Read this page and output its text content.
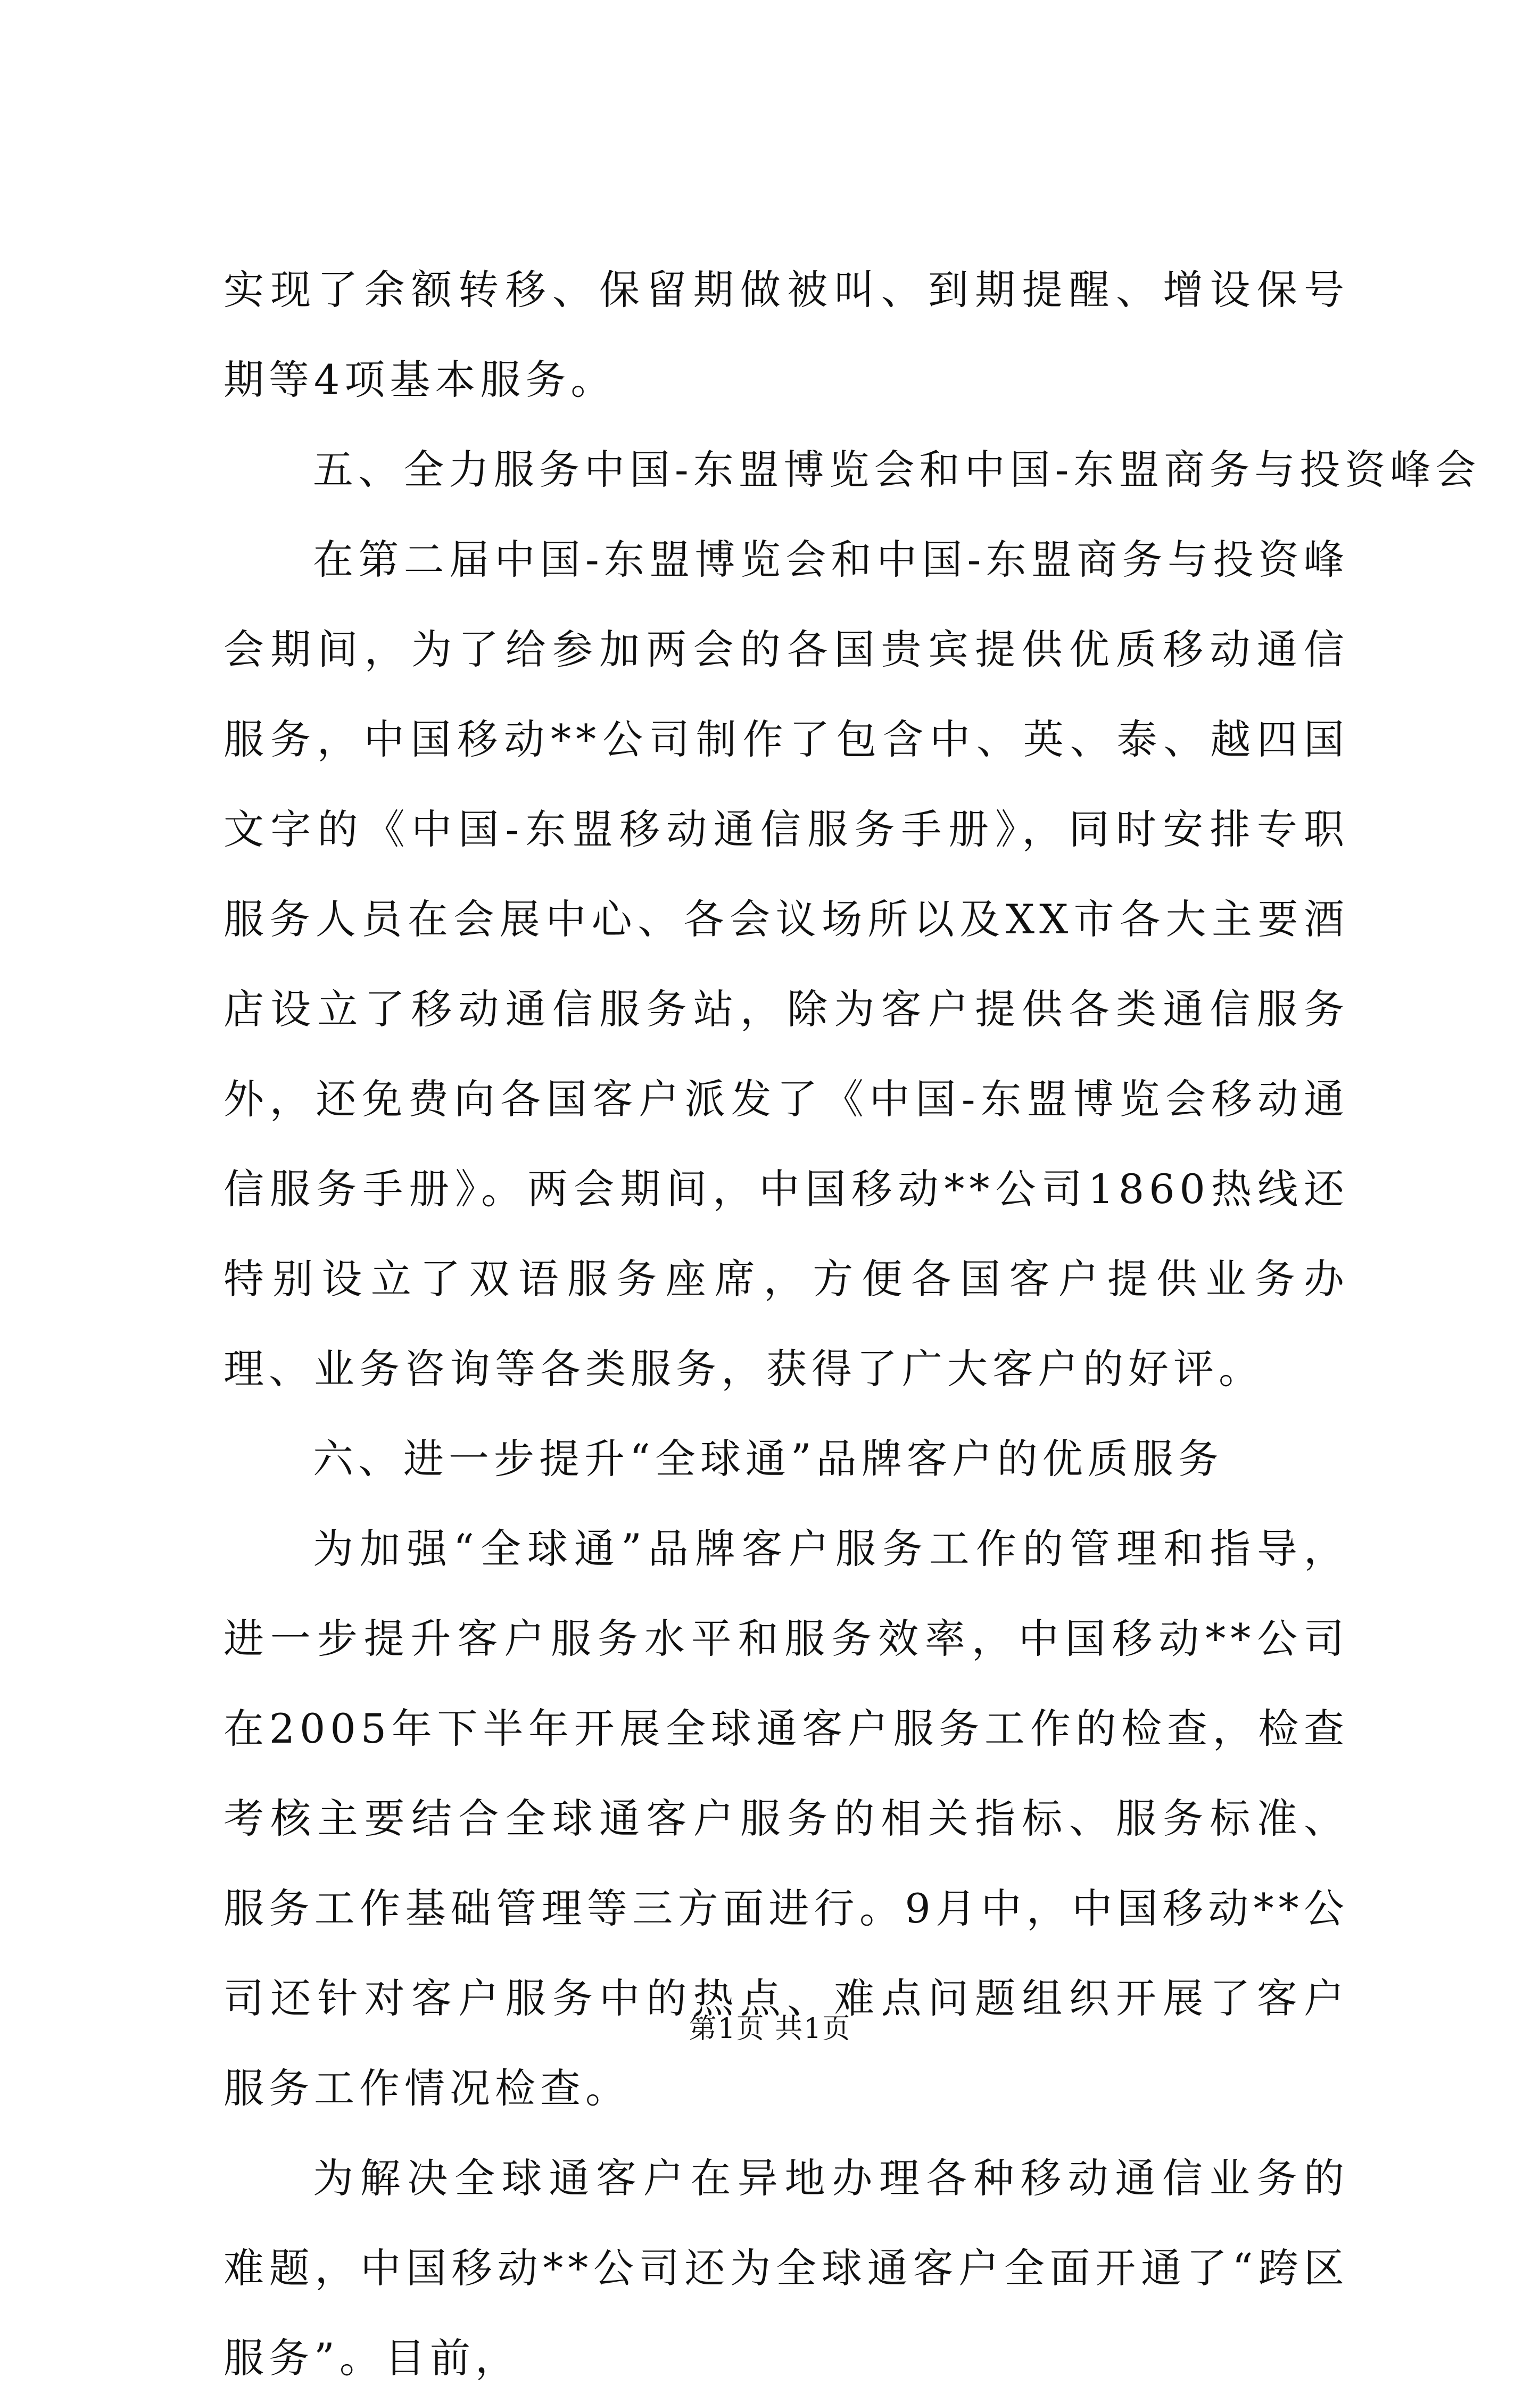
实现了余额转移、保留期做被叫、到期提醒、增设保号期等4项基本服务。

五、全力服务中国-东盟博览会和中国-东盟商务与投资峰会

在第二届中国-东盟博览会和中国-东盟商务与投资峰会期间，为了给参加两会的各国贵宾提供优质移动通信服务，中国移动**公司制作了包含中、英、泰、越四国文字的《中国-东盟移动通信服务手册》，同时安排专职服务人员在会展中心、各会议场所以及XX市各大主要酒店设立了移动通信服务站，除为客户提供各类通信服务外，还免费向各国客户派发了《中国-东盟博览会移动通信服务手册》。两会期间，中国移动**公司1860热线还特别设立了双语服务座席，方便各国客户提供业务办理、业务咨询等各类服务，获得了广大客户的好评。

六、进一步提升“全球通”品牌客户的优质服务

为加强“全球通”品牌客户服务工作的管理和指导，进一步提升客户服务水平和服务效率，中国移动**公司在2005年下半年开展全球通客户服务工作的检查，检查考核主要结合全球通客户服务的相关指标、服务标准、服务工作基础管理等三方面进行。9月中，中国移动**公司还针对客户服务中的热点、难点问题组织开展了客户服务工作情况检查。

为解决全球通客户在异地办理各种移动通信业务的难题，中国移动**公司还为全球通客户全面开通了“跨区服务”。目前，

第1页 共1页
